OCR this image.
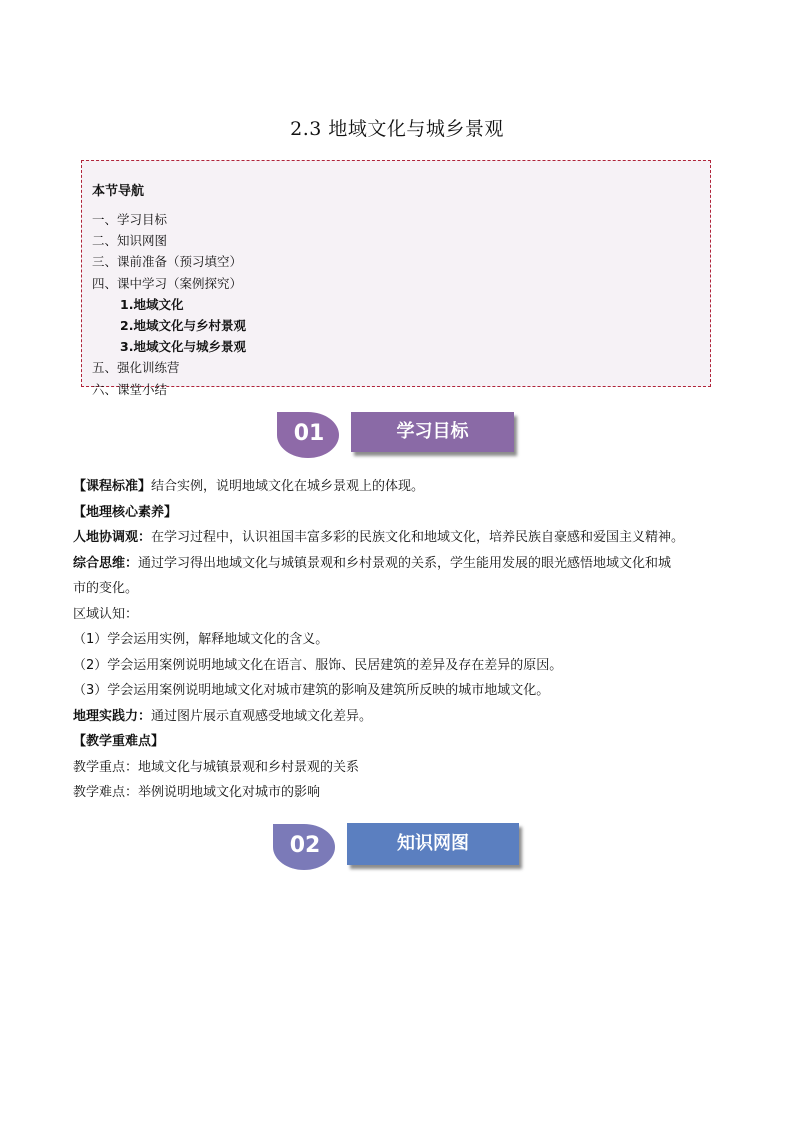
2.3 地域文化与城乡景观
本节导航
一、学习目标
二、知识网图
三、课前准备（预习填空）
四、课中学习（案例探究）
1.地域文化
2.地域文化与乡村景观
3.地域文化与城乡景观
五、强化训练营
六、课堂小结
01	学习目标
【课程标准】结合实例，说明地域文化在城乡景观上的体现。
【地理核心素养】
人地协调观：在学习过程中，认识祖国丰富多彩的民族文化和地域文化，培养民族自豪感和爱国主义精神。
综合思维：通过学习得出地域文化与城镇景观和乡村景观的关系，学生能用发展的眼光感悟地域文化和城
市的变化。
区域认知：
（1）学会运用实例，解释地域文化的含义。
（2）学会运用案例说明地域文化在语言、服饰、民居建筑的差异及存在差异的原因。
（3）学会运用案例说明地域文化对城市建筑的影响及建筑所反映的城市地域文化。
地理实践力：通过图片展示直观感受地域文化差异。
【教学重难点】
教学重点：地域文化与城镇景观和乡村景观的关系
教学难点：举例说明地域文化对城市的影响
02	知识网图
